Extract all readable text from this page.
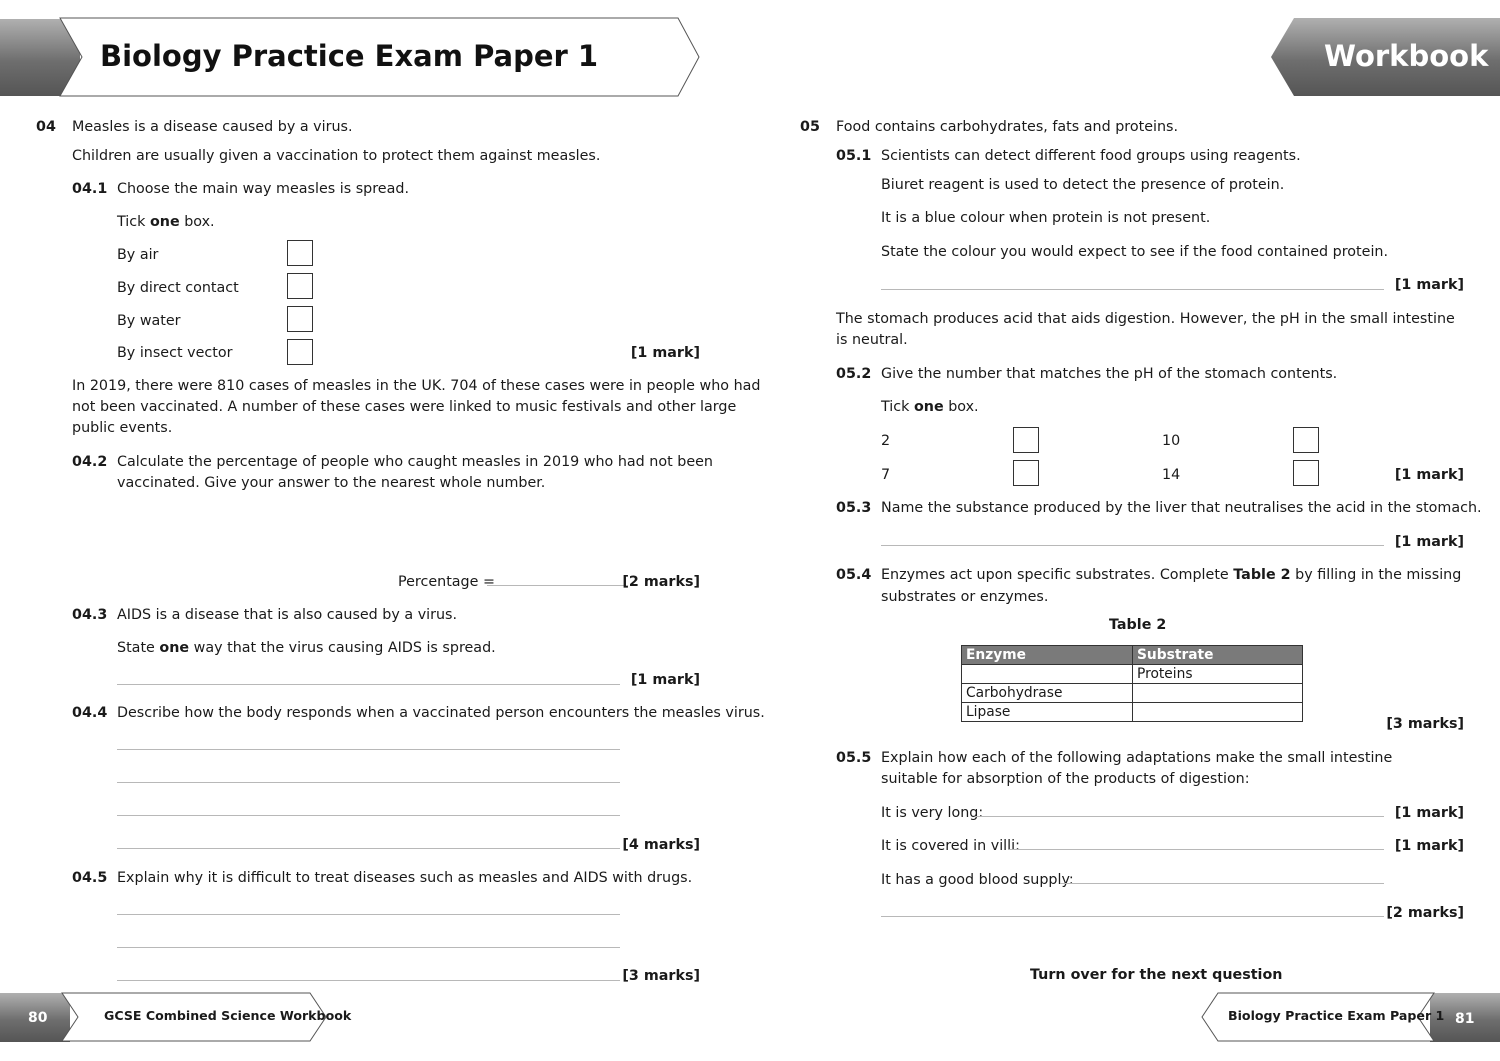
Biology Practice Exam Paper 1	Workbook
04 Measles is a disease caused by a virus.
Children are usually given a vaccination to protect them against measles.
04.1 Choose the main way measles is spread.
Tick one box.
By air
By direct contact
By water
By insect vector	[1 mark]
In 2019, there were 810 cases of measles in the UK. 704 of these cases were in people who had
not been vaccinated. A number of these cases were linked to music festivals and other large
public events.
04.2 Calculate the percentage of people who caught measles in 2019 who had not been
vaccinated. Give your answer to the nearest whole number.
Percentage =	[2 marks]
04.3 AIDS is a disease that is also caused by a virus.
State one way that the virus causing AIDS is spread.
[1 mark]
04.4 Describe how the body responds when a vaccinated person encounters the measles virus.
[4 marks]
04.5 Explain why it is difficult to treat diseases such as measles and AIDS with drugs.
[3 marks]
05 Food contains carbohydrates, fats and proteins.
05.1 Scientists can detect different food groups using reagents.
Biuret reagent is used to detect the presence of protein.
It is a blue colour when protein is not present.
State the colour you would expect to see if the food contained protein.
[1 mark]
The stomach produces acid that aids digestion. However, the pH in the small intestine
is neutral.
05.2 Give the number that matches the pH of the stomach contents.
Tick one box.
2	10
7	14	[1 mark]
05.3 Name the substance produced by the liver that neutralises the acid in the stomach.
[1 mark]
05.4 Enzymes act upon specific substrates. Complete Table 2 by filling in the missing
substrates or enzymes.
Table 2
Enzyme	Substrate
	Proteins
Carbohydrase	
Lipase	
[3 marks]
05.5 Explain how each of the following adaptations make the small intestine
suitable for absorption of the products of digestion:
It is very long:	[1 mark]
It is covered in villi:	[1 mark]
It has a good blood supply:
[2 marks]
Turn over for the next question
80	GCSE Combined Science Workbook	Biology Practice Exam Paper 1 81
